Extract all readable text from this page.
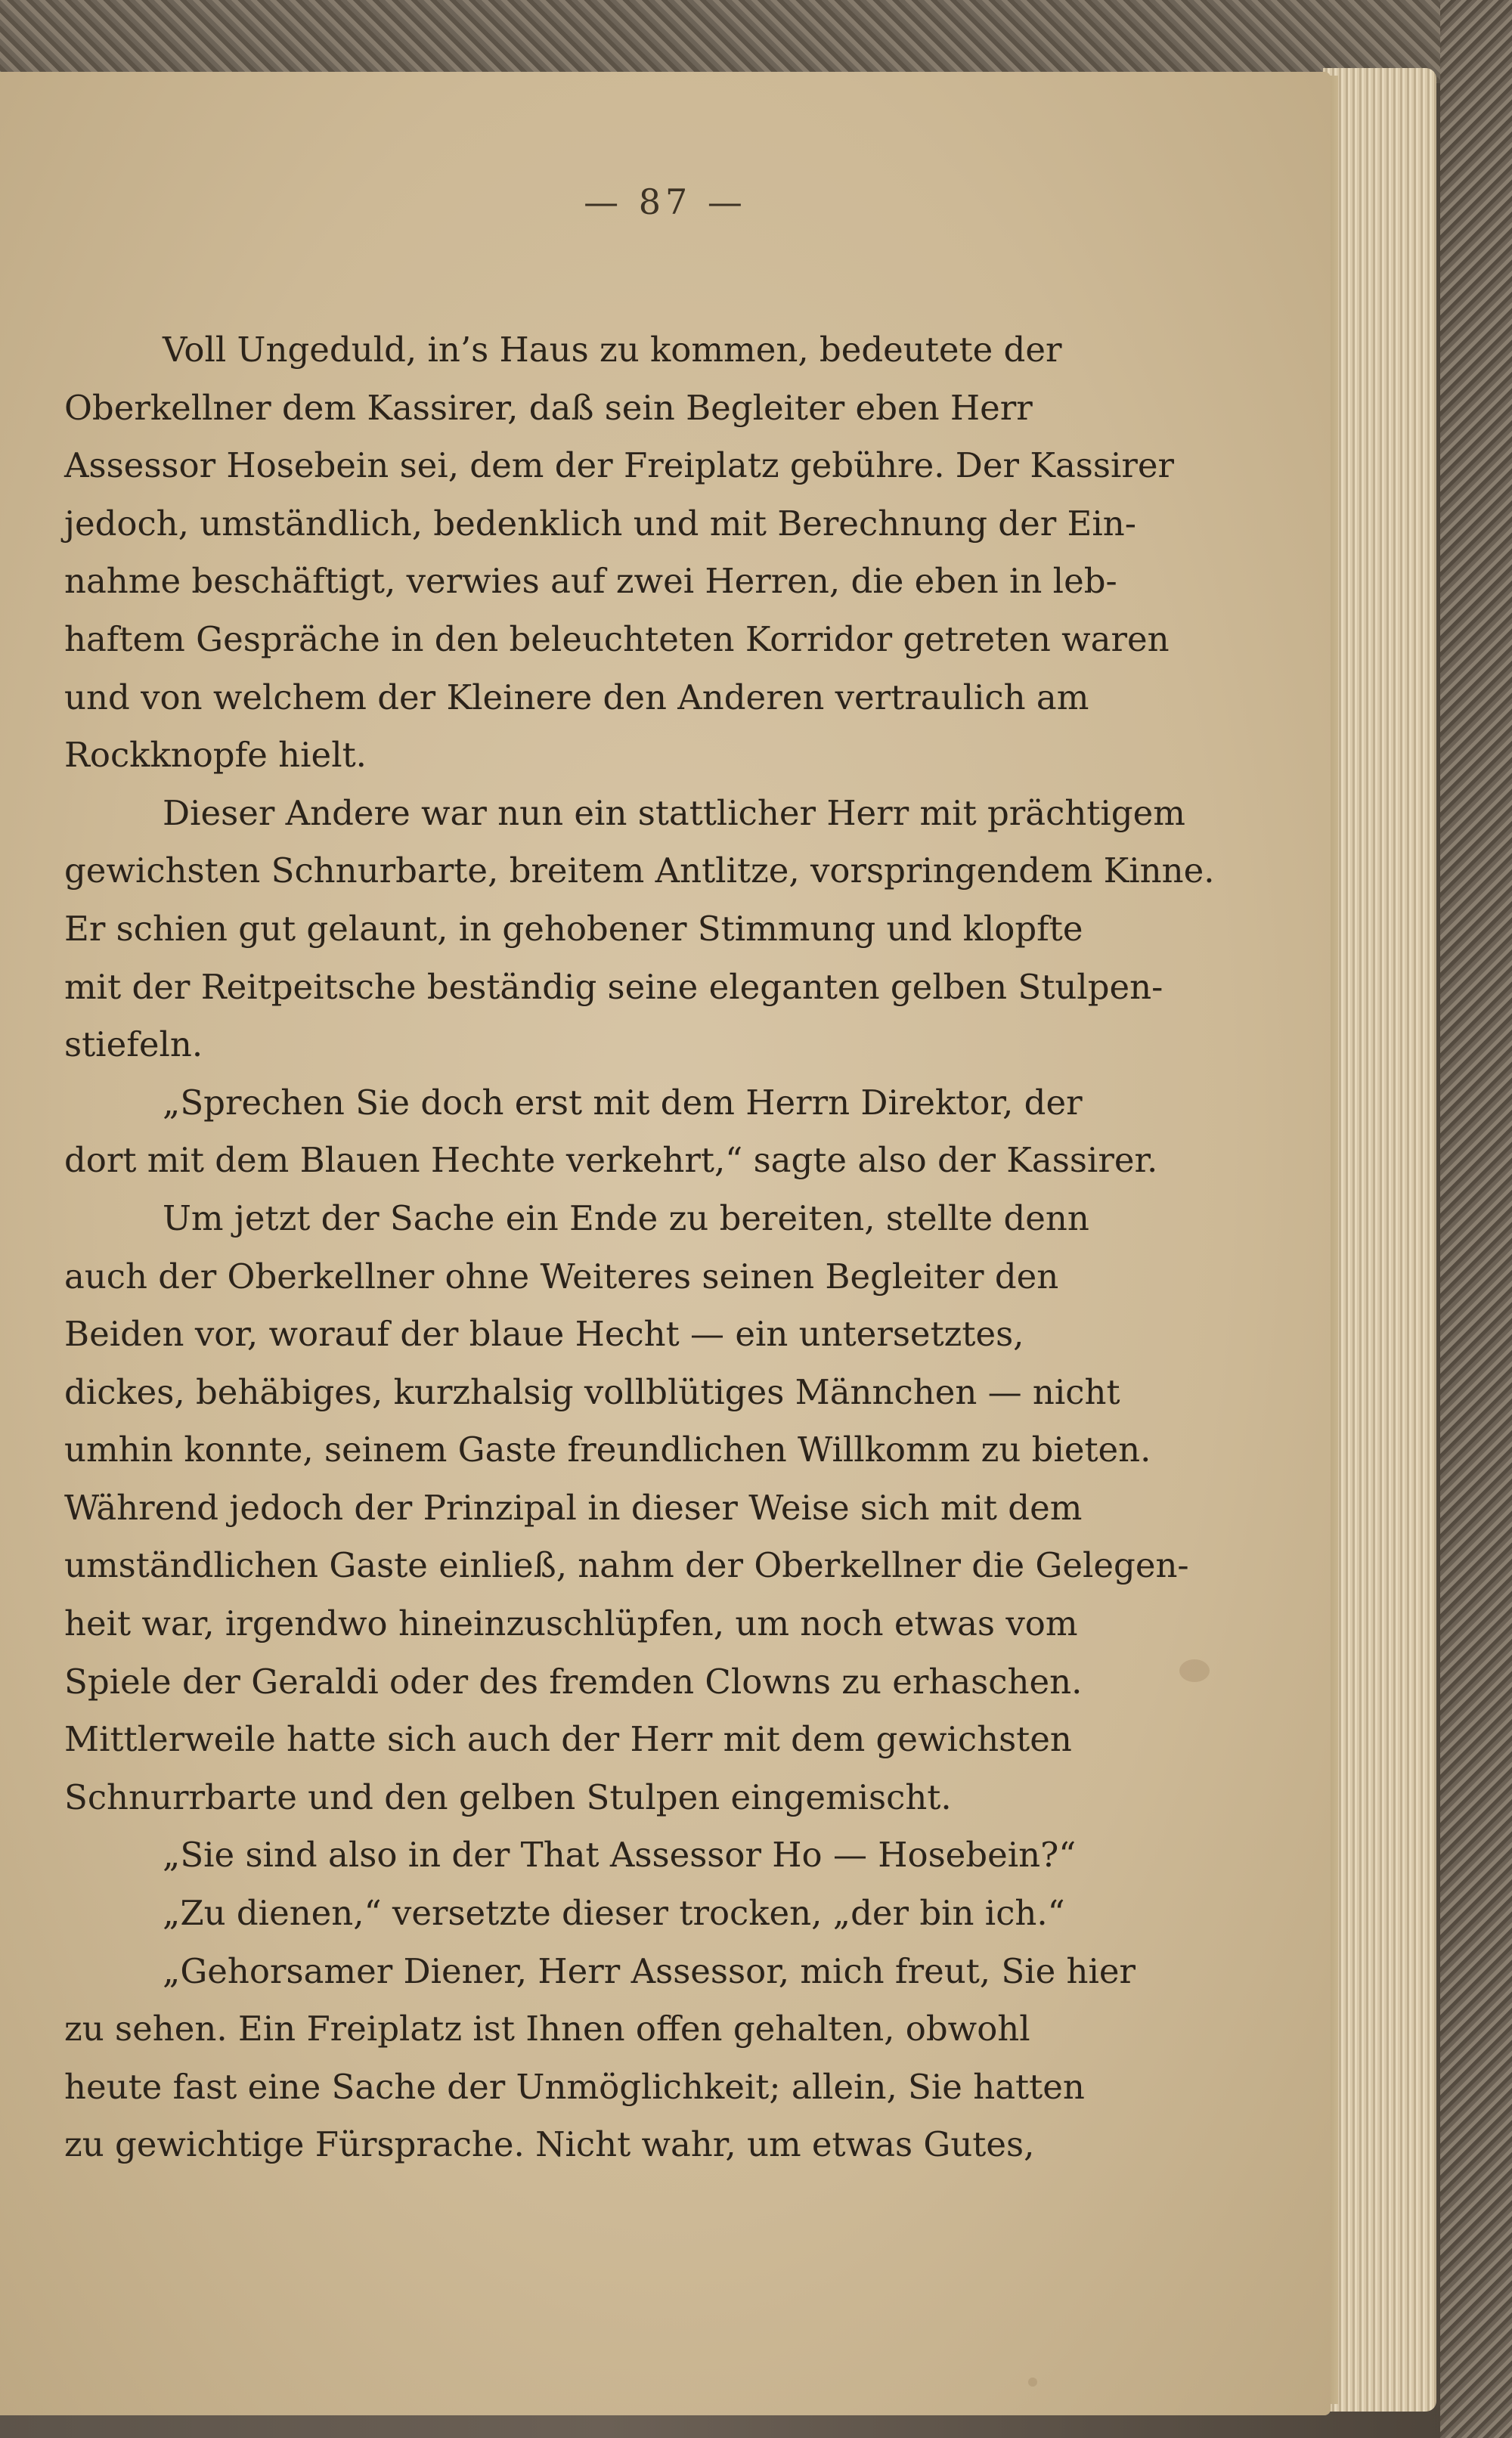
— 87 —
Voll Ungeduld, in’s Haus zu kommen, bedeutete der
Oberkellner dem Kassirer, daß sein Begleiter eben Herr
Assessor Hosebein sei, dem der Freiplatz gebühre. Der Kassirer
jedoch, umständlich, bedenklich und mit Berechnung der Ein-
nahme beschäftigt, verwies auf zwei Herren, die eben in leb-
haftem Gespräche in den beleuchteten Korridor getreten waren
und von welchem der Kleinere den Anderen vertraulich am
Rockknopfe hielt.
Dieser Andere war nun ein stattlicher Herr mit prächtigem
gewichsten Schnurbarte, breitem Antlitze, vorspringendem Kinne.
Er schien gut gelaunt, in gehobener Stimmung und klopfte
mit der Reitpeitsche beständig seine eleganten gelben Stulpen-
stiefeln.
„Sprechen Sie doch erst mit dem Herrn Direktor, der
dort mit dem Blauen Hechte verkehrt,“ sagte also der Kassirer.
Um jetzt der Sache ein Ende zu bereiten, stellte denn
auch der Oberkellner ohne Weiteres seinen Begleiter den
Beiden vor, worauf der blaue Hecht — ein untersetztes,
dickes, behäbiges, kurzhalsig vollblütiges Männchen — nicht
umhin konnte, seinem Gaste freundlichen Willkomm zu bieten.
Während jedoch der Prinzipal in dieser Weise sich mit dem
umständlichen Gaste einließ, nahm der Oberkellner die Gelegen-
heit war, irgendwo hineinzuschlüpfen, um noch etwas vom
Spiele der Geraldi oder des fremden Clowns zu erhaschen.
Mittlerweile hatte sich auch der Herr mit dem gewichsten
Schnurrbarte und den gelben Stulpen eingemischt.
„Sie sind also in der That Assessor Ho — Hosebein?“
„Zu dienen,“ versetzte dieser trocken, „der bin ich.“
„Gehorsamer Diener, Herr Assessor, mich freut, Sie hier
zu sehen. Ein Freiplatz ist Ihnen offen gehalten, obwohl
heute fast eine Sache der Unmöglichkeit; allein, Sie hatten
zu gewichtige Fürsprache. Nicht wahr, um etwas Gutes,
